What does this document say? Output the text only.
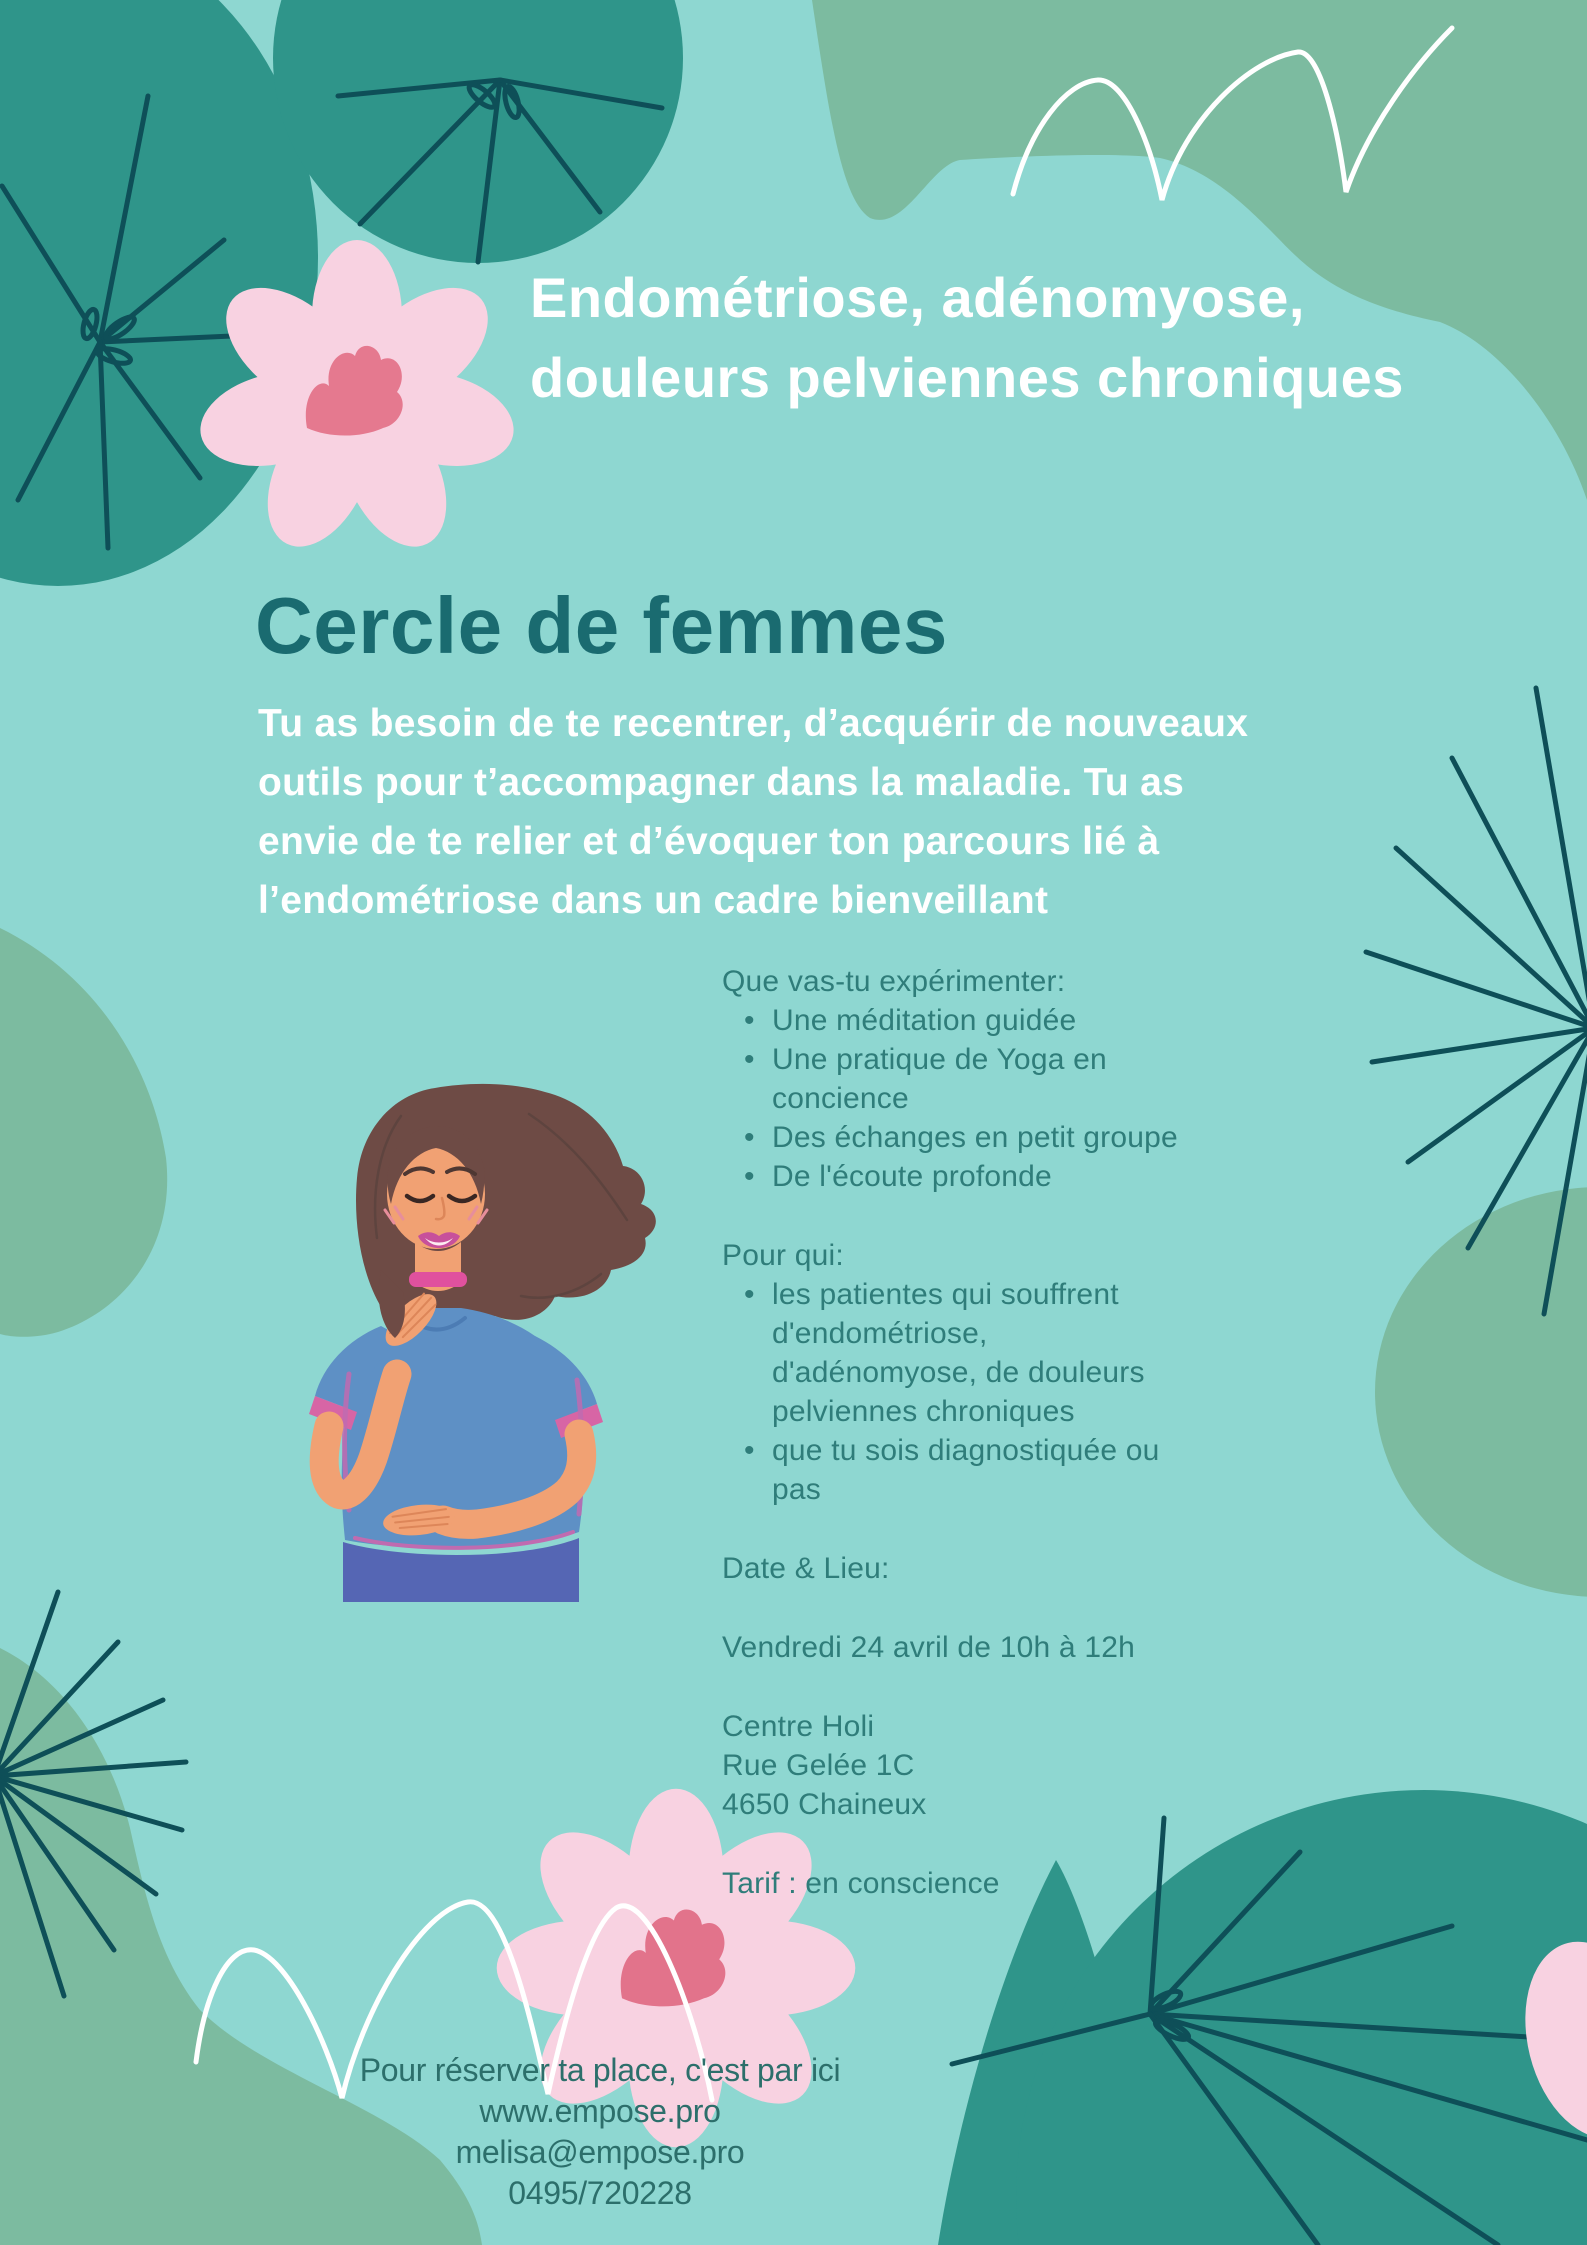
Endométriose, adénomyose,
douleurs pelviennes chroniques
Cercle de femmes
Tu as besoin de te recentrer, d’acquérir de nouveaux
outils pour t’accompagner dans la maladie. Tu as
envie de te relier et d’évoquer ton parcours lié à
l’endométriose dans un cadre bienveillant
Que vas-tu expérimenter:
• Une méditation guidée
• Une pratique de Yoga en
concience
• Des échanges en petit groupe
• De l'écoute profonde
Pour qui:
• les patientes qui souffrent
d'endométriose,
d'adénomyose, de douleurs
pelviennes chroniques
• que tu sois diagnostiquée ou
pas
Date & Lieu:
Vendredi 24 avril de 10h à 12h
Centre Holi
Rue Gelée 1C
4650 Chaineux
Tarif : en conscience
Pour réserver ta place, c'est par ici
www.empose.pro
melisa@empose.pro
0495/720228
